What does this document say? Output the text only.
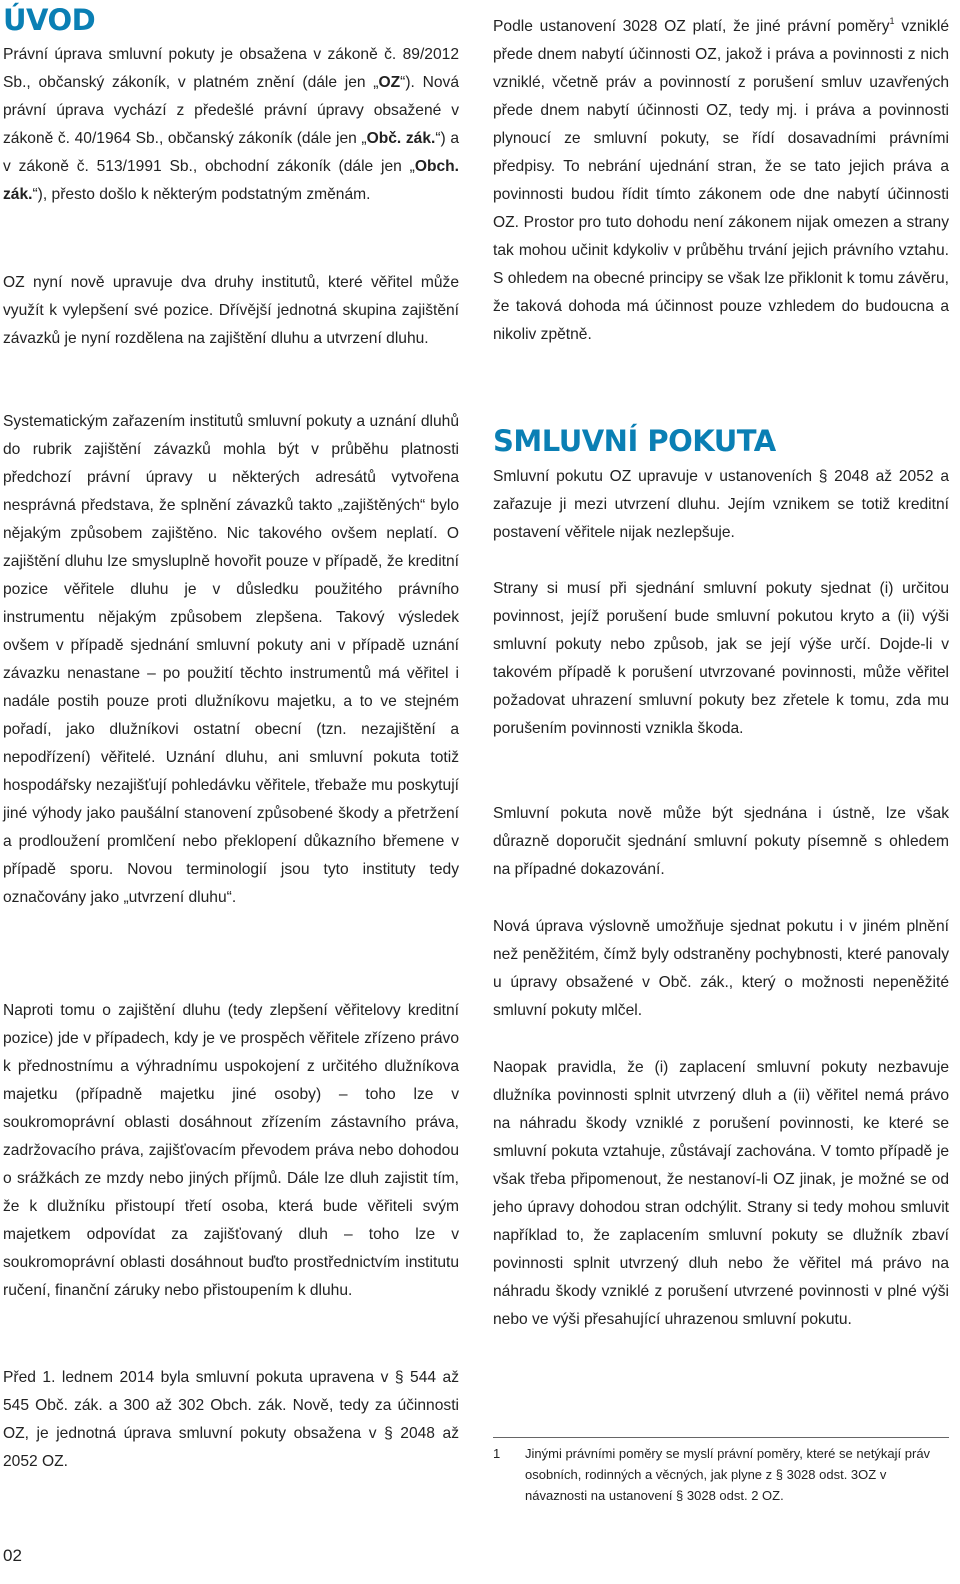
ÚVOD

Právní úprava smluvní pokuty je obsažena v zákoně č. 89/2012 Sb., občanský zákoník, v platném znění (dále jen „OZ“). Nová právní úprava vychází z předešlé právní úpravy obsažené v zákoně č. 40/1964 Sb., občanský zákoník (dále jen „Obč. zák.“) a v zákoně č. 513/1991 Sb., obchodní zákoník (dále jen „Obch. zák.“), přesto došlo k některým podstatným změnám.

OZ nyní nově upravuje dva druhy institutů, které věřitel může využít k vylepšení své pozice. Dřívější jednotná skupina zajištění závazků je nyní rozdělena na zajištění dluhu a utvrzení dluhu.

Systematickým zařazením institutů smluvní pokuty a uznání dluhů do rubrik zajištění závazků mohla být v průběhu platnosti předchozí právní úpravy u některých adresátů vytvořena nesprávná představa, že splnění závazků takto „zajištěných“ bylo nějakým způsobem zajištěno. Nic takového ovšem neplatí. O zajištění dluhu lze smysluplně hovořit pouze v případě, že kreditní pozice věřitele dluhu je v důsledku použitého právního instrumentu nějakým způsobem zlepšena. Takový výsledek ovšem v případě sjednání smluvní pokuty ani v případě uznání závazku nenastane – po použití těchto instrumentů má věřitel i nadále postih pouze proti dlužníkovu majetku, a to ve stejném pořadí, jako dlužníkovi ostatní obecní (tzn. nezajištění a nepodřízení) věřitelé. Uznání dluhu, ani smluvní pokuta totiž hospodářsky nezajišťují pohledávku věřitele, třebaže mu poskytují jiné výhody jako paušální stanovení způsobené škody a přetržení a prodloužení promlčení nebo překlopení důkazního břemene v případě sporu. Novou terminologií jsou tyto instituty tedy označovány jako „utvrzení dluhu“.

Naproti tomu o zajištění dluhu (tedy zlepšení věřitelovy kreditní pozice) jde v případech, kdy je ve prospěch věřitele zřízeno právo k přednostnímu a výhradnímu uspokojení z určitého dlužníkova majetku (případně majetku jiné osoby) – toho lze v soukromoprávní oblasti dosáhnout zřízením zástavního práva, zadržovacího práva, zajišťovacím převodem práva nebo dohodou o srážkách ze mzdy nebo jiných příjmů. Dále lze dluh zajistit tím, že k dlužníku přistoupí třetí osoba, která bude věřiteli svým majetkem odpovídat za zajišťovaný dluh – toho lze v soukromoprávní oblasti dosáhnout buďto prostřednictvím institutu ručení, finanční záruky nebo přistoupením k dluhu.

Před 1. lednem 2014 byla smluvní pokuta upravena v § 544 až 545 Obč. zák. a 300 až 302 Obch. zák. Nově, tedy za účinnosti OZ, je jednotná úprava smluvní pokuty obsažena v § 2048 až 2052 OZ.

Podle ustanovení 3028 OZ platí, že jiné právní poměry$^1$ vzniklé přede dnem nabytí účinnosti OZ, jakož i práva a povinnosti z nich vzniklé, včetně práv a povinností z porušení smluv uzavřených přede dnem nabytí účinnosti OZ, tedy mj. i práva a povinnosti plynoucí ze smluvní pokuty, se řídí dosavadními právními předpisy. To nebrání ujednání stran, že se tato jejich práva a povinnosti budou řídit tímto zákonem ode dne nabytí účinnosti OZ. Prostor pro tuto dohodu není zákonem nijak omezen a strany tak mohou učinit kdykoliv v průběhu trvání jejich právního vztahu. S ohledem na obecné principy se však lze přiklonit k tomu závěru, že taková dohoda má účinnost pouze vzhledem do budoucna a nikoliv zpětně.

SMLUVNÍ POKUTA

Smluvní pokutu OZ upravuje v ustanoveních § 2048 až 2052 a zařazuje ji mezi utvrzení dluhu. Jejím vznikem se totiž kreditní postavení věřitele nijak nezlepšuje.

Strany si musí při sjednání smluvní pokuty sjednat (i) určitou povinnost, jejíž porušení bude smluvní pokutou kryto a (ii) výši smluvní pokuty nebo způsob, jak se její výše určí. Dojde-li v takovém případě k porušení utvrzované povinnosti, může věřitel požadovat uhrazení smluvní pokuty bez zřetele k tomu, zda mu porušením povinnosti vznikla škoda.

Smluvní pokuta nově může být sjednána i ústně, lze však důrazně doporučit sjednání smluvní pokuty písemně s ohledem na případné dokazování.

Nová úprava výslovně umožňuje sjednat pokutu i v jiném plnění než peněžitém, čímž byly odstraněny pochybnosti, které panovaly u úpravy obsažené v Obč. zák., který o možnosti nepeněžité smluvní pokuty mlčel.

Naopak pravidla, že (i) zaplacení smluvní pokuty nezbavuje dlužníka povinnosti splnit utvrzený dluh a (ii) věřitel nemá právo na náhradu škody vzniklé z porušení povinnosti, ke které se smluvní pokuta vztahuje, zůstávají zachována. V tomto případě je však třeba připomenout, že nestanoví-li OZ jinak, je možné se od jeho úpravy dohodou stran odchýlit. Strany si tedy mohou smluvit například to, že zaplacením smluvní pokuty se dlužník zbaví povinnosti splnit utvrzený dluh nebo že věřitel má právo na náhradu škody vzniklé z porušení utvrzené povinnosti v plné výši nebo ve výši přesahující uhrazenou smluvní pokutu.

1 Jinými právními poměry se myslí právní poměry, které se netýkají práv osobních, rodinných a věcných, jak plyne z § 3028 odst. 3OZ v návaznosti na ustanovení § 3028 odst. 2 OZ.
02
